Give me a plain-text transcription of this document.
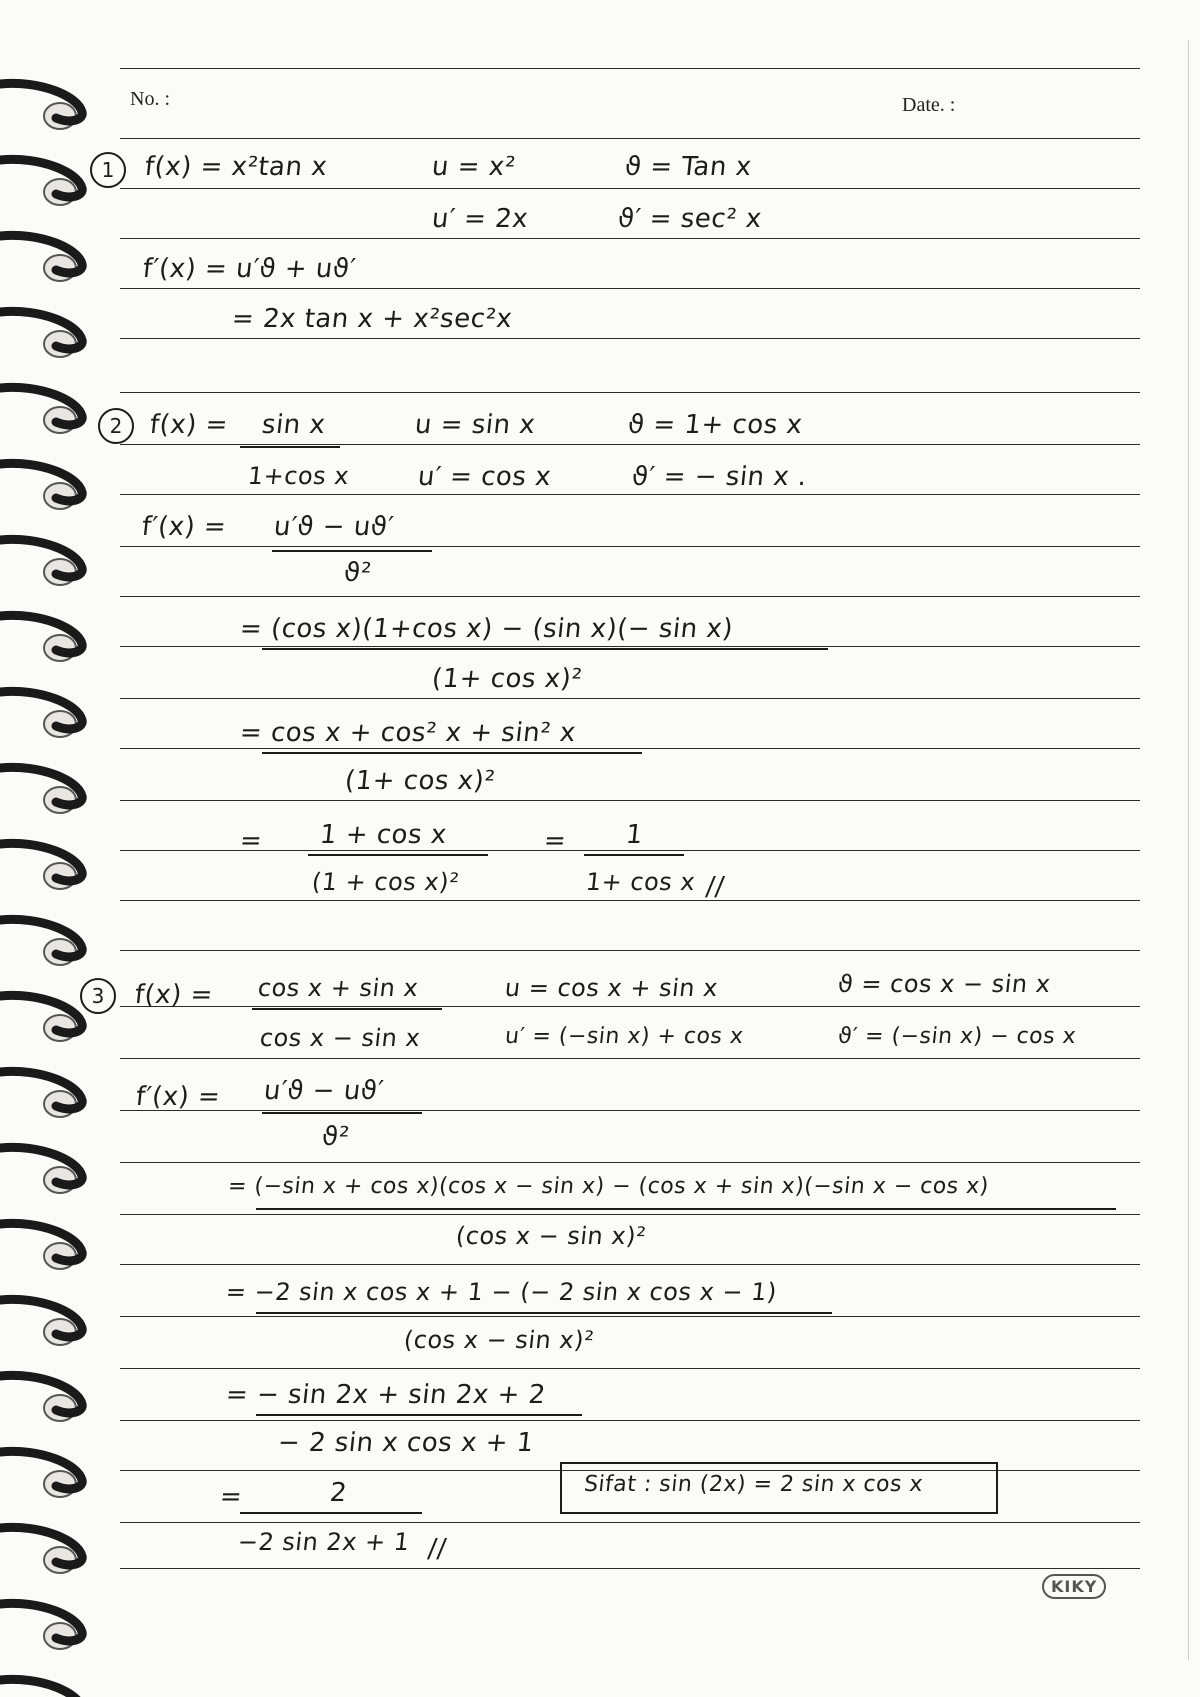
No. :	Date. :
1	f(x) = x²tan x	u = x²	ϑ = Tan x
u′ = 2x	ϑ′ = sec² x
f′(x) = u′ϑ + uϑ′
= 2x tan x + x²sec²x
2	f(x) = sin x
1+cos x
u = sin x	ϑ = 1+ cos x
u′ = cos x	ϑ′ = − sin x .
f′(x) = u′ϑ − uϑ′
ϑ²
= (cos x)(1+cos x) − (sin x)(− sin x)
(1+ cos x)²
= cos x + cos² x + sin² x
(1+ cos x)²
= 1 + cos x
(1 + cos x)²
= 1
1+ cos x //
3	f(x) = cos x + sin x
cos x − sin x
u = cos x + sin x	ϑ = cos x − sin x
u′ = (−sin x) + cos x	ϑ′ = (−sin x) − cos x
f′(x) = u′ϑ − uϑ′
ϑ²
= (−sin x + cos x)(cos x − sin x) − (cos x + sin x)(−sin x − cos x)
(cos x − sin x)²
= −2 sin x cos x + 1 − (− 2 sin x cos x − 1)
(cos x − sin x)²
= − sin 2x + sin 2x + 2
− 2 sin x cos x + 1
=	2
−2 sin 2x + 1 //
Sifat : sin (2x) = 2 sin x cos x
KIKY
